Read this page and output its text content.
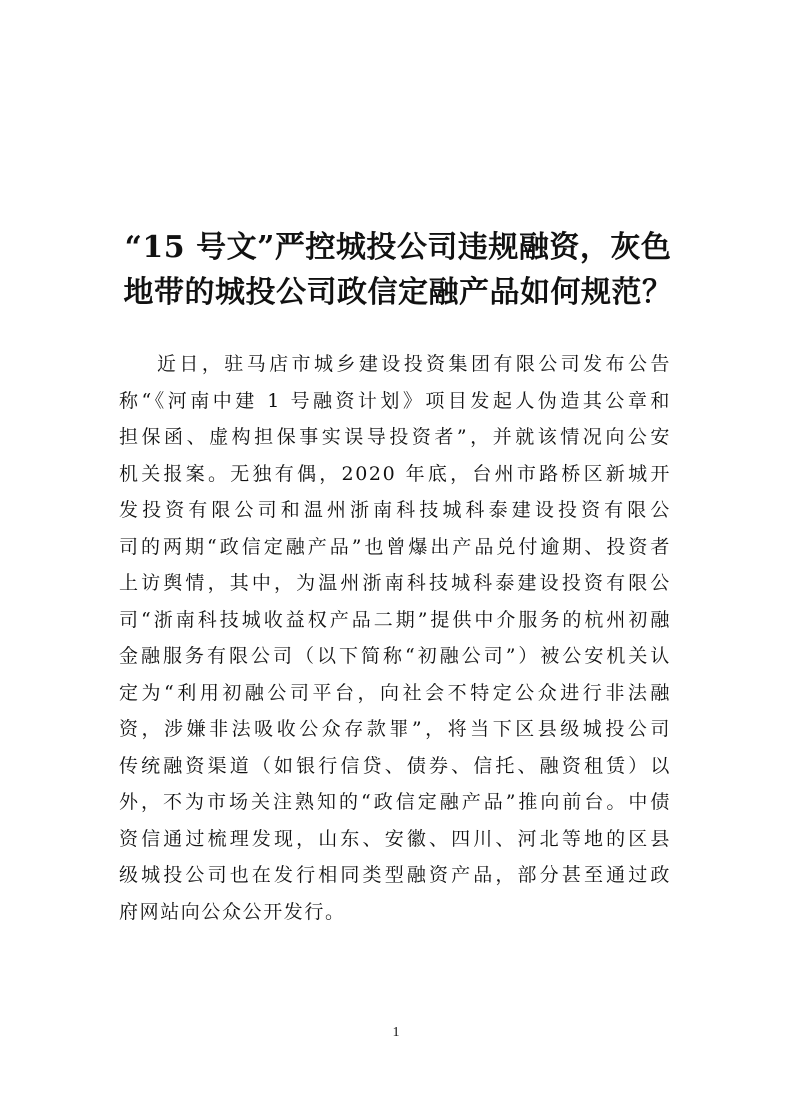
“15 号文”严控城投公司违规融资，灰色
地带的城投公司政信定融产品如何规范？

近日，驻马店市城乡建设投资集团有限公司发布公告
称“《河南中建 1 号融资计划》项目发起人伪造其公章和
担保函、虚构担保事实误导投资者”，并就该情况向公安
机关报案。无独有偶，2020 年底，台州市路桥区新城开
发投资有限公司和温州浙南科技城科泰建设投资有限公
司的两期“政信定融产品”也曾爆出产品兑付逾期、投资者
上访舆情，其中，为温州浙南科技城科泰建设投资有限公
司“浙南科技城收益权产品二期”提供中介服务的杭州初融
金融服务有限公司（以下简称“初融公司”）被公安机关认
定为“利用初融公司平台，向社会不特定公众进行非法融
资，涉嫌非法吸收公众存款罪”，将当下区县级城投公司
传统融资渠道（如银行信贷、债券、信托、融资租赁）以
外，不为市场关注熟知的“政信定融产品”推向前台。中债
资信通过梳理发现，山东、安徽、四川、河北等地的区县
级城投公司也在发行相同类型融资产品，部分甚至通过政
府网站向公众公开发行。

1
